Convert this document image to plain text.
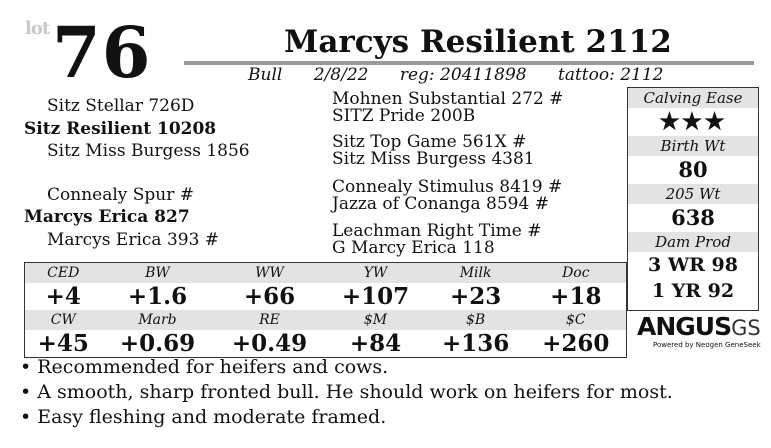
lot 76	Marcys Resilient 2112
Bull 2/8/22 reg: 20411898 tattoo: 2112
Sitz Stellar 726D
Sitz Resilient 10208
Sitz Miss Burgess 1856
Connealy Spur #
Marcys Erica 827
Marcys Erica 393 #
Mohnen Substantial 272 #
SITZ Pride 200B
Sitz Top Game 561X #
Sitz Miss Burgess 4381
Connealy Stimulus 8419 #
Jazza of Conanga 8594 #
Leachman Right Time #
G Marcy Erica 118
Calving Ease
★★★
Birth Wt
80
205 Wt
638
Dam Prod
3 WR 98
1 YR 92
CED	BW	WW	YW	Milk	Doc
+4	+1.6	+66	+107	+23	+18
CW	Marb	RE	$M	$B	$C
+45	+0.69	+0.49	+84	+136	+260
ANGUSGS
Powered by Neogen GeneSeek
• Recommended for heifers and cows.
• A smooth, sharp fronted bull. He should work on heifers for most.
• Easy fleshing and moderate framed.
